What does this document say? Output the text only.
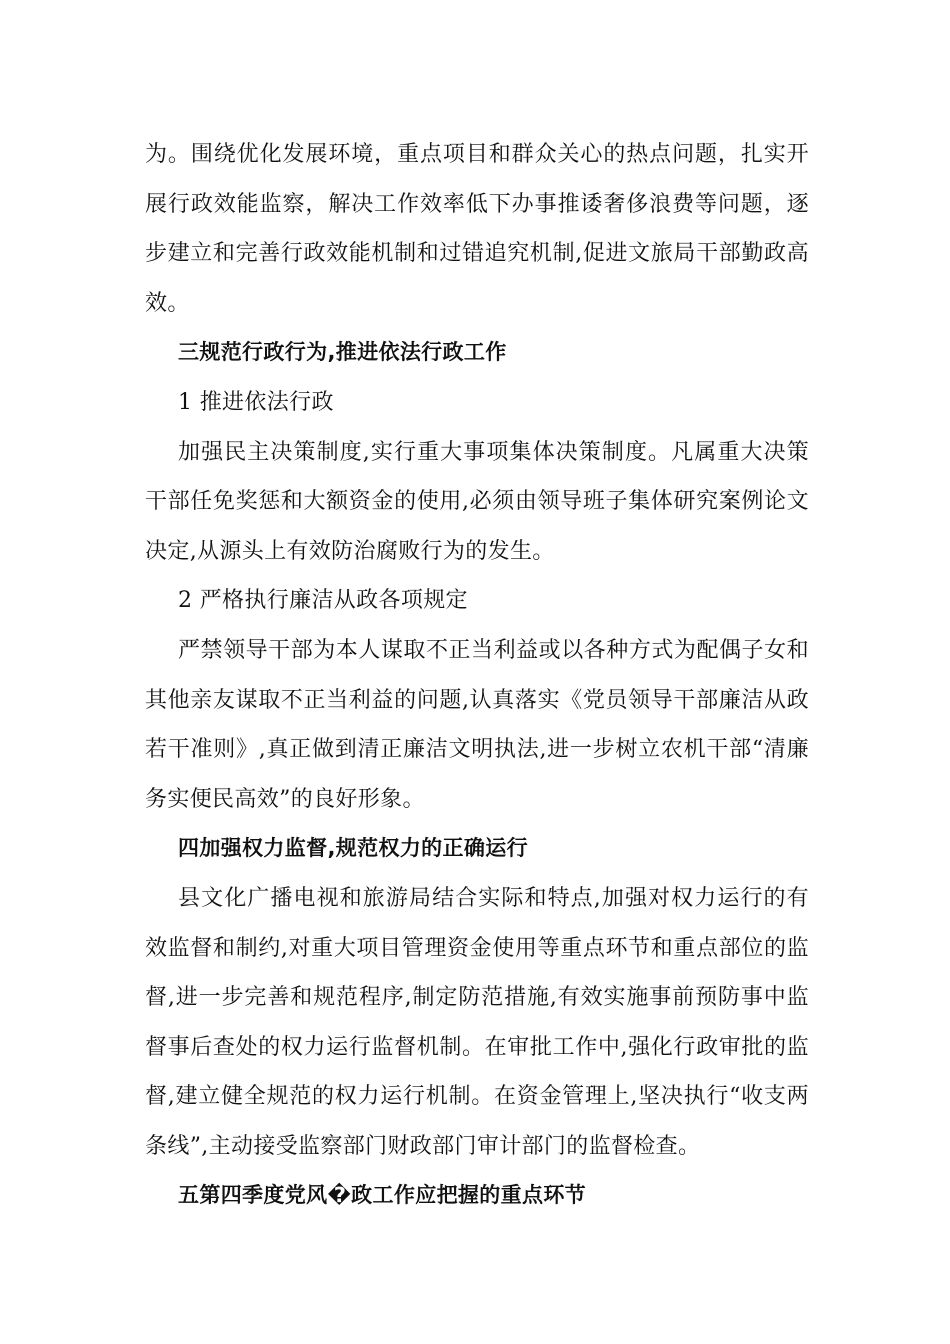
为。围绕优化发展环境，重点项目和群众关心的热点问题，扎实开展行政效能监察，解决工作效率低下办事推诿奢侈浪费等问题，逐步建立和完善行政效能机制和过错追究机制,促进文旅局干部勤政高效。

三规范行政行为,推进依法行政工作

1 推进依法行政

加强民主决策制度,实行重大事项集体决策制度。凡属重大决策干部任免奖惩和大额资金的使用,必须由领导班子集体研究案例论文决定,从源头上有效防治腐败行为的发生。

2 严格执行廉洁从政各项规定

严禁领导干部为本人谋取不正当利益或以各种方式为配偶子女和其他亲友谋取不正当利益的问题,认真落实《党员领导干部廉洁从政若干准则》,真正做到清正廉洁文明执法,进一步树立农机干部“清廉务实便民高效”的良好形象。

四加强权力监督,规范权力的正确运行

县文化广播电视和旅游局结合实际和特点,加强对权力运行的有效监督和制约,对重大项目管理资金使用等重点环节和重点部位的监督,进一步完善和规范程序,制定防范措施,有效实施事前预防事中监督事后查处的权力运行监督机制。在审批工作中,强化行政审批的监督,建立健全规范的权力运行机制。在资金管理上,坚决执行“收支两条线”,主动接受监察部门财政部门审计部门的监督检查。

五第四季度党风�政工作应把握的重点环节
